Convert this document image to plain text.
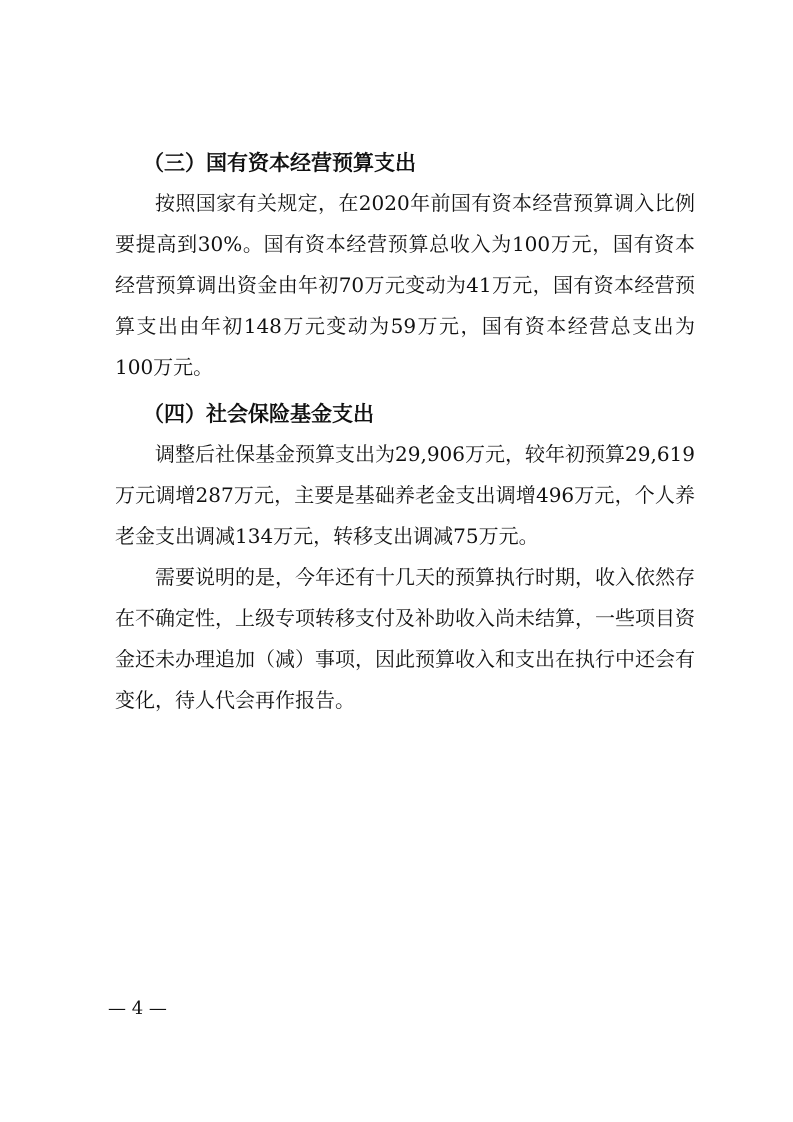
（三）国有资本经营预算支出

按照国家有关规定，在2020年前国有资本经营预算调入比例要提高到30%。国有资本经营预算总收入为100万元，国有资本经营预算调出资金由年初70万元变动为41万元，国有资本经营预算支出由年初148万元变动为59万元，国有资本经营总支出为100万元。

（四）社会保险基金支出

调整后社保基金预算支出为29,906万元，较年初预算29,619万元调增287万元，主要是基础养老金支出调增496万元，个人养老金支出调减134万元，转移支出调减75万元。

需要说明的是，今年还有十几天的预算执行时期，收入依然存在不确定性，上级专项转移支付及补助收入尚未结算，一些项目资金还未办理追加（减）事项，因此预算收入和支出在执行中还会有变化，待人代会再作报告。

— 4 —
